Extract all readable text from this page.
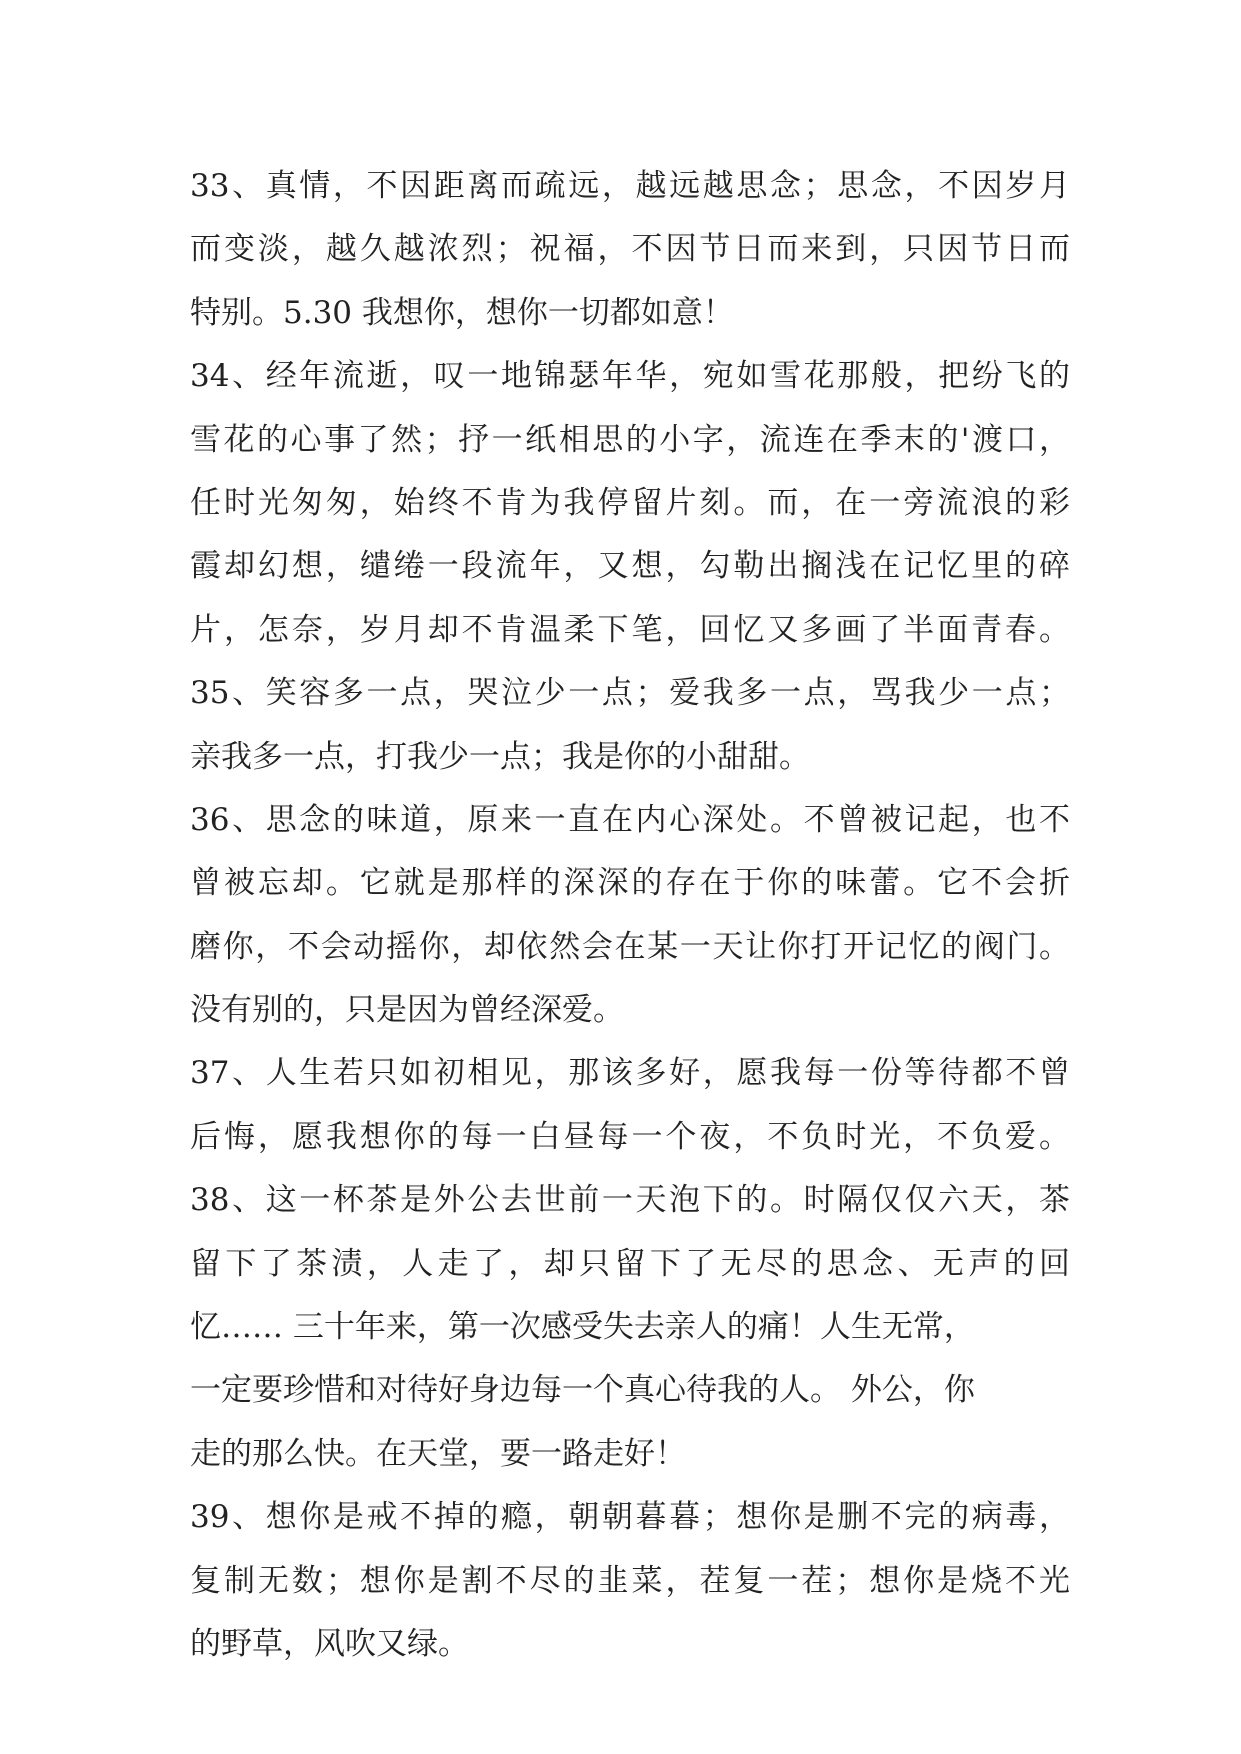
33、真情，不因距离而疏远，越远越思念；思念，不因岁月
而变淡，越久越浓烈；祝福，不因节日而来到，只因节日而
特别。5.30 我想你，想你一切都如意！
34、经年流逝，叹一地锦瑟年华，宛如雪花那般，把纷飞的
雪花的心事了然；抒一纸相思的小字，流连在季末的'渡口，
任时光匆匆，始终不肯为我停留片刻。而，在一旁流浪的彩
霞却幻想，缱绻一段流年，又想，勾勒出搁浅在记忆里的碎
片，怎奈，岁月却不肯温柔下笔，回忆又多画了半面青春。
35、笑容多一点，哭泣少一点；爱我多一点，骂我少一点；
亲我多一点，打我少一点；我是你的小甜甜。
36、思念的味道，原来一直在内心深处。不曾被记起，也不
曾被忘却。它就是那样的深深的存在于你的味蕾。它不会折
磨你，不会动摇你，却依然会在某一天让你打开记忆的阀门。
没有别的，只是因为曾经深爱。
37、人生若只如初相见，那该多好，愿我每一份等待都不曾
后悔，愿我想你的每一白昼每一个夜，不负时光，不负爱。
38、这一杯茶是外公去世前一天泡下的。时隔仅仅六天，茶
留下了茶渍，人走了，却只留下了无尽的思念、无声的回
忆…… 三十年来，第一次感受失去亲人的痛！人生无常，
一定要珍惜和对待好身边每一个真心待我的人。 外公，你
走的那么快。在天堂，要一路走好！
39、想你是戒不掉的瘾，朝朝暮暮；想你是删不完的病毒，
复制无数；想你是割不尽的韭菜，茬复一茬；想你是烧不光
的野草，风吹又绿。
